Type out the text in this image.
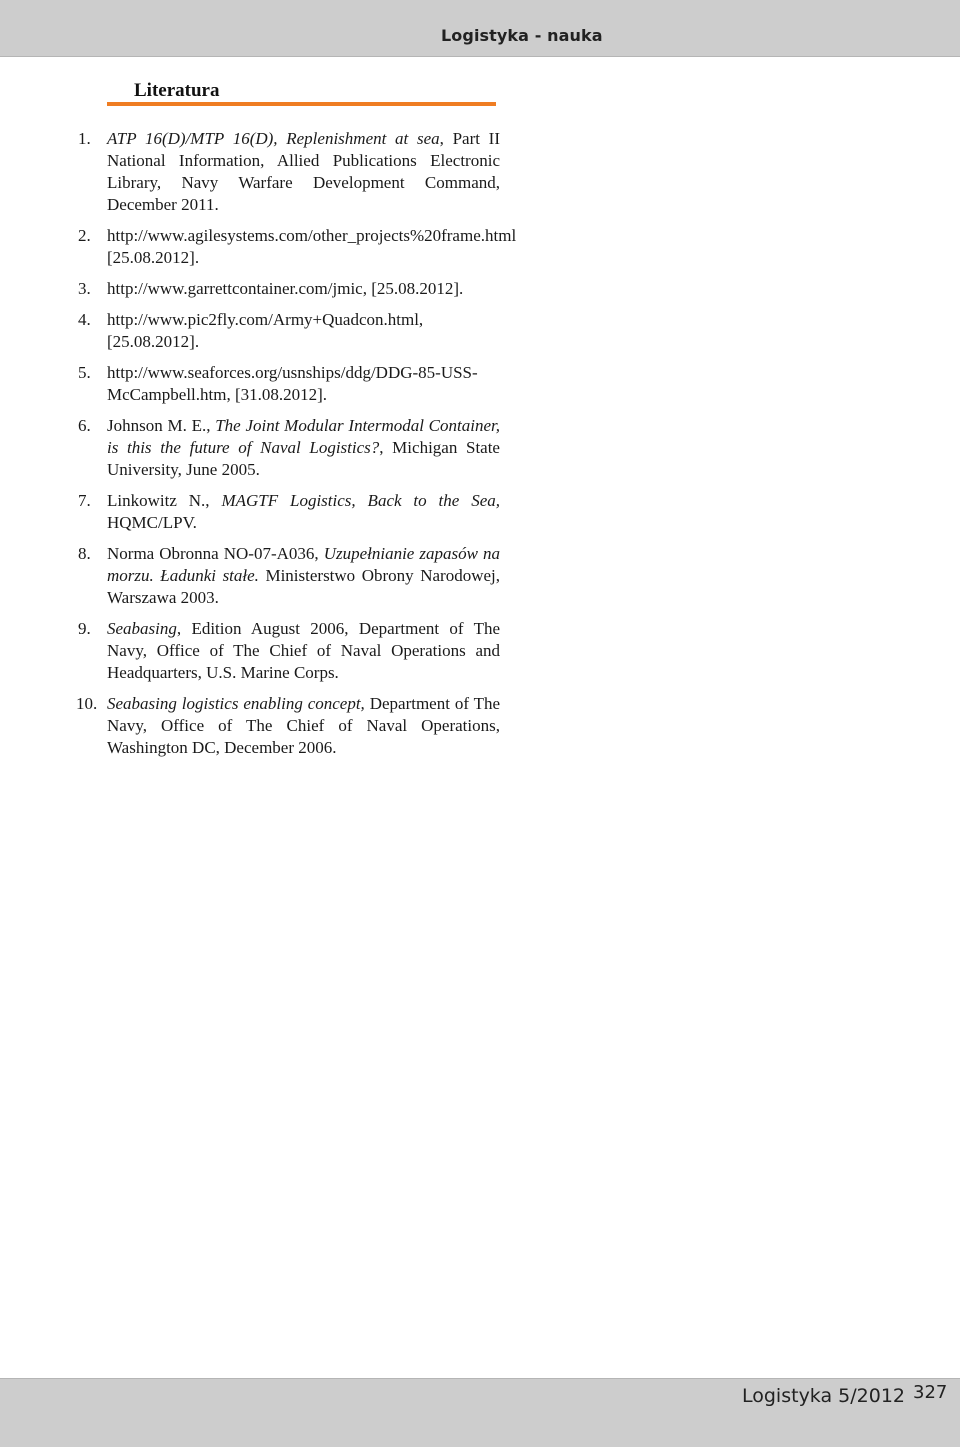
Logistyka - nauka
Literatura
1. ATP 16(D)/MTP 16(D), Replenishment at sea, Part II National Information, Allied Publications Electronic Library, Navy Warfare Development Command, December 2011.
2. http://www.agilesystems.com/other_projects%20frame.html [25.08.2012].
3. http://www.garrettcontainer.com/jmic, [25.08.2012].
4. http://www.pic2fly.com/Army+Quadcon.html, [25.08.2012].
5. http://www.seaforces.org/usnships/ddg/DDG-85-USS-McCampbell.htm, [31.08.2012].
6. Johnson M. E., The Joint Modular Intermodal Container, is this the future of Naval Logistics?, Michigan State University, June 2005.
7. Linkowitz N., MAGTF Logistics, Back to the Sea, HQMC/LPV.
8. Norma Obronna NO-07-A036, Uzupełnianie zapasów na morzu. Ładunki stałe. Ministerstwo Obrony Narodowej, Warszawa 2003.
9. Seabasing, Edition August 2006, Department of The Navy, Office of The Chief of Naval Operations and Headquarters, U.S. Marine Corps.
10. Seabasing logistics enabling concept, Department of The Navy, Office of The Chief of Naval Operations, Washington DC, December 2006.
Logistyka 5/2012 327
